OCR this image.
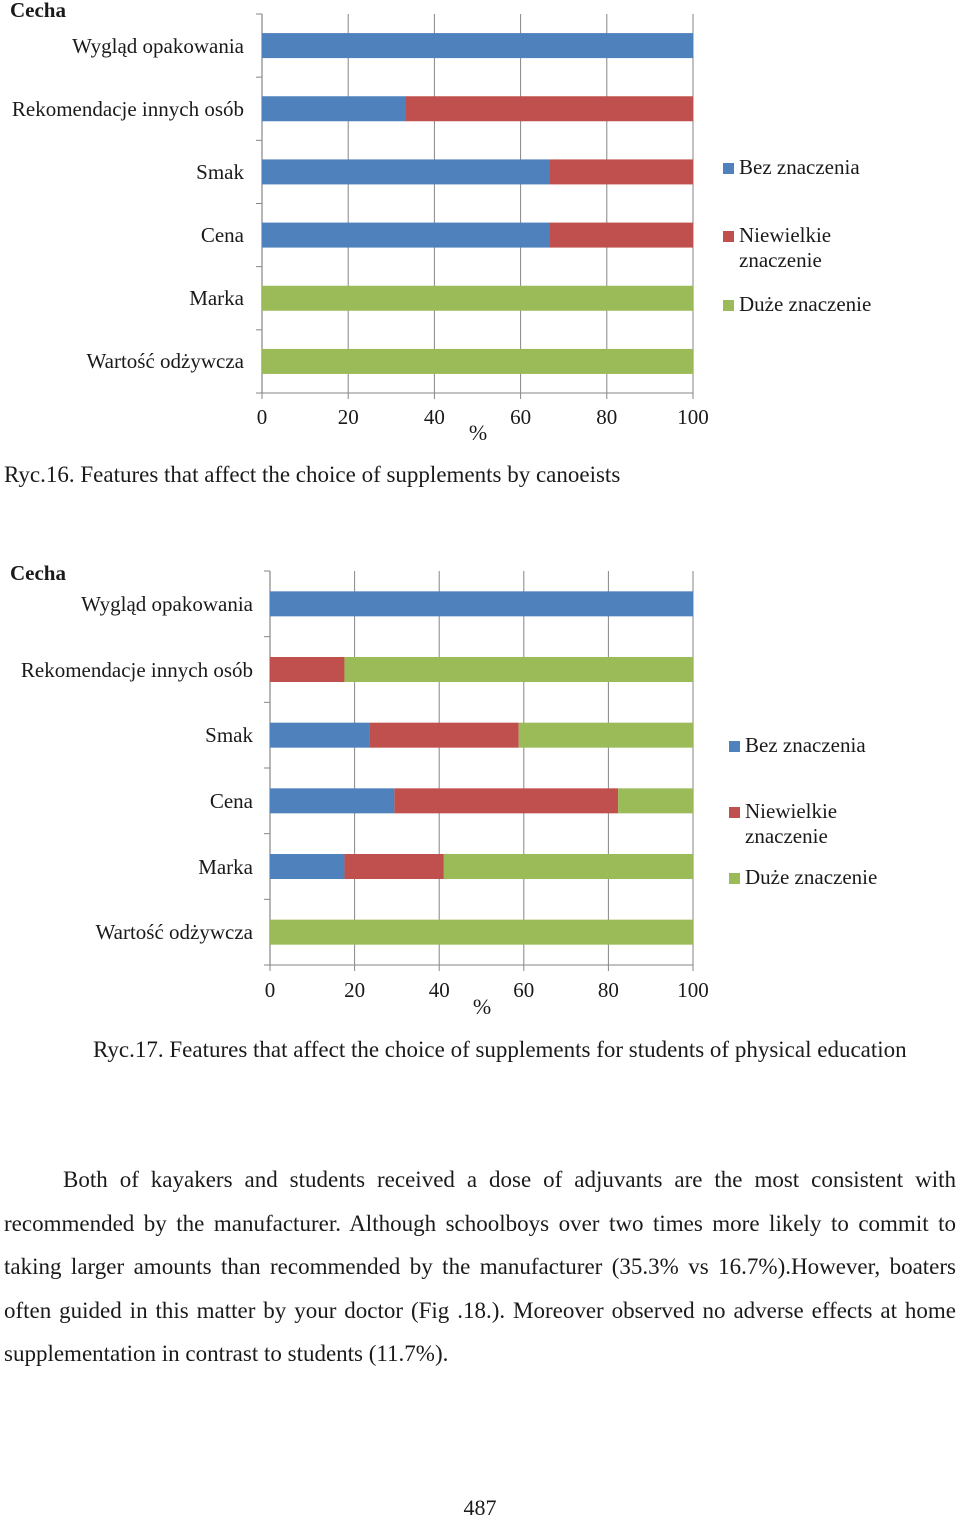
Cecha
0	20	40	60	80	100
Wygląd opakowania
Rekomendacje innych osób
Smak
Cena
Marka
Wartość odżywcza
%
Bez znaczenia
Niewielkie
znaczenie
Duże znaczenie
Ryc.16. Features that affect the choice of supplements by canoeists
Cecha
0	20	40	60	80	100
Wygląd opakowania
Rekomendacje innych osób
Smak
Cena
Marka
Wartość odżywcza
%
Bez znaczenia
Niewielkie
znaczenie
Duże znaczenie
Ryc.17. Features that affect the choice of supplements for students of physical education
Both of kayakers and students received a dose of adjuvants are the most consistent with recommended by the manufacturer. Although schoolboys over two times more likely to commit to taking larger amounts than recommended by the manufacturer (35.3% vs 16.7%).However, boaters often guided in this matter by your doctor (Fig .18.). Moreover observed no adverse effects at home supplementation in contrast to students (11.7%).
487
